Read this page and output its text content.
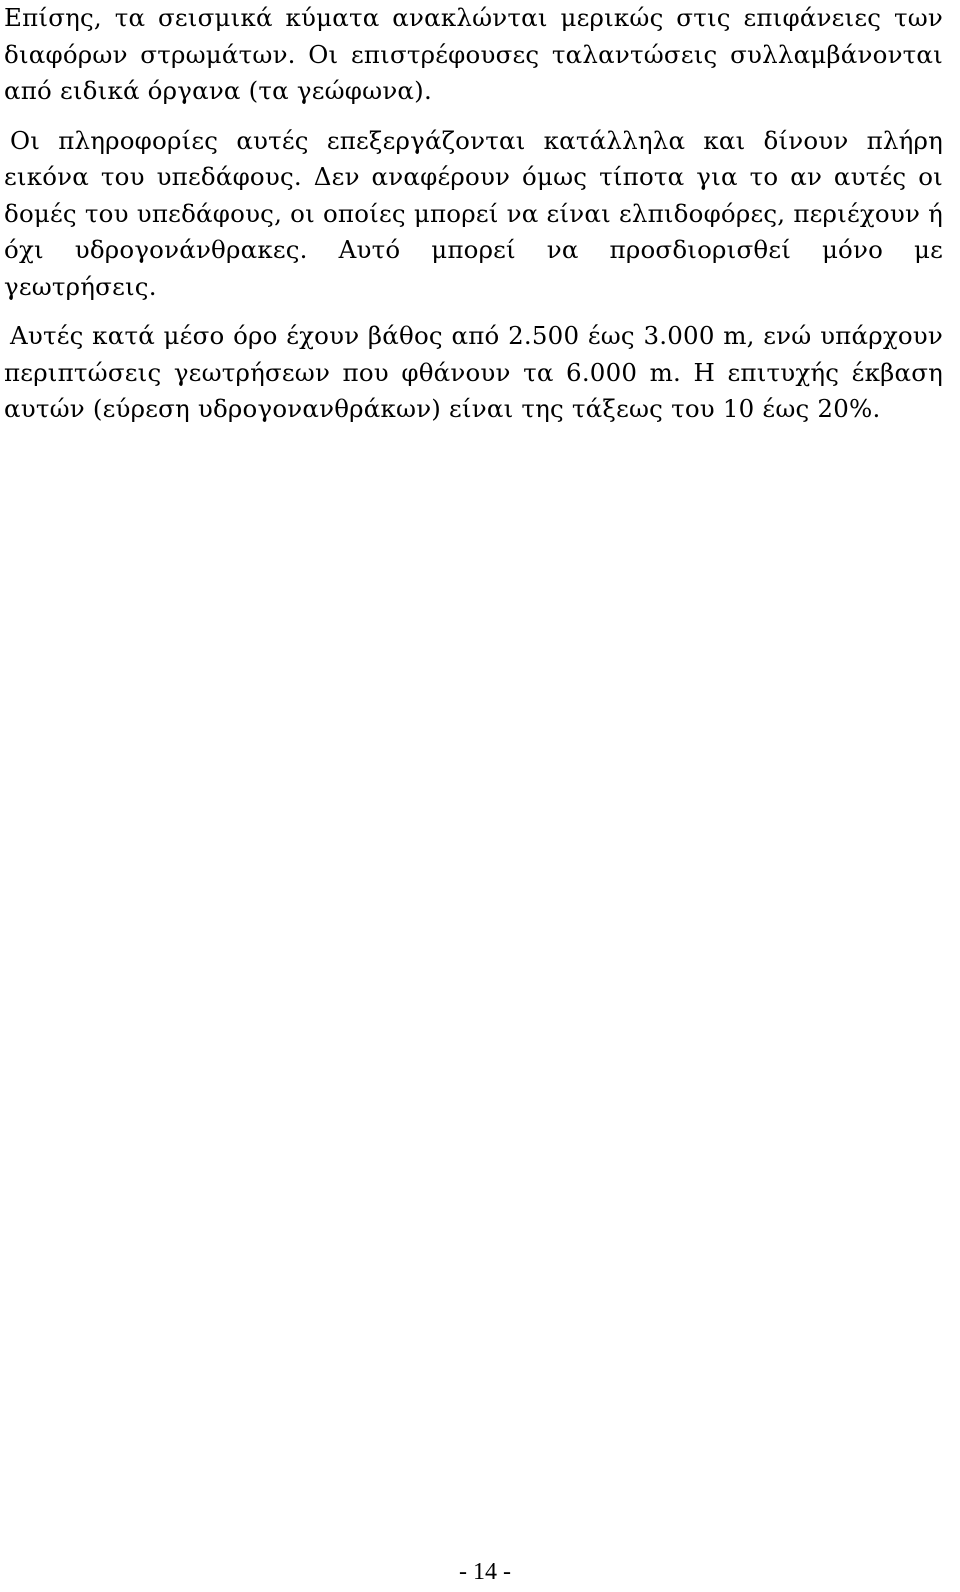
Επίσης, τα σεισμικά κύματα ανακλώνται μερικώς στις επιφάνειες των διαφόρων στρωμάτων. Οι επιστρέφουσες ταλαντώσεις συλλαμβάνονται από ειδικά όργανα (τα γεώφωνα).

Οι πληροφορίες αυτές επεξεργάζονται κατάλληλα και δίνουν πλήρη εικόνα του υπεδάφους. Δεν αναφέρουν όμως τίποτα για το αν αυτές οι δομές του υπεδάφους, οι οποίες μπορεί να είναι ελπιδοφόρες, περιέχουν ή όχι υδρογονάνθρακες. Αυτό μπορεί να προσδιορισθεί μόνο με γεωτρήσεις.

Αυτές κατά μέσο όρο έχουν βάθος από 2.500 έως 3.000 m, ενώ υπάρχουν περιπτώσεις γεωτρήσεων που φθάνουν τα 6.000 m. Η επιτυχής έκβαση αυτών (εύρεση υδρογονανθράκων) είναι της τάξεως του 10 έως 20%.

- 14 -
